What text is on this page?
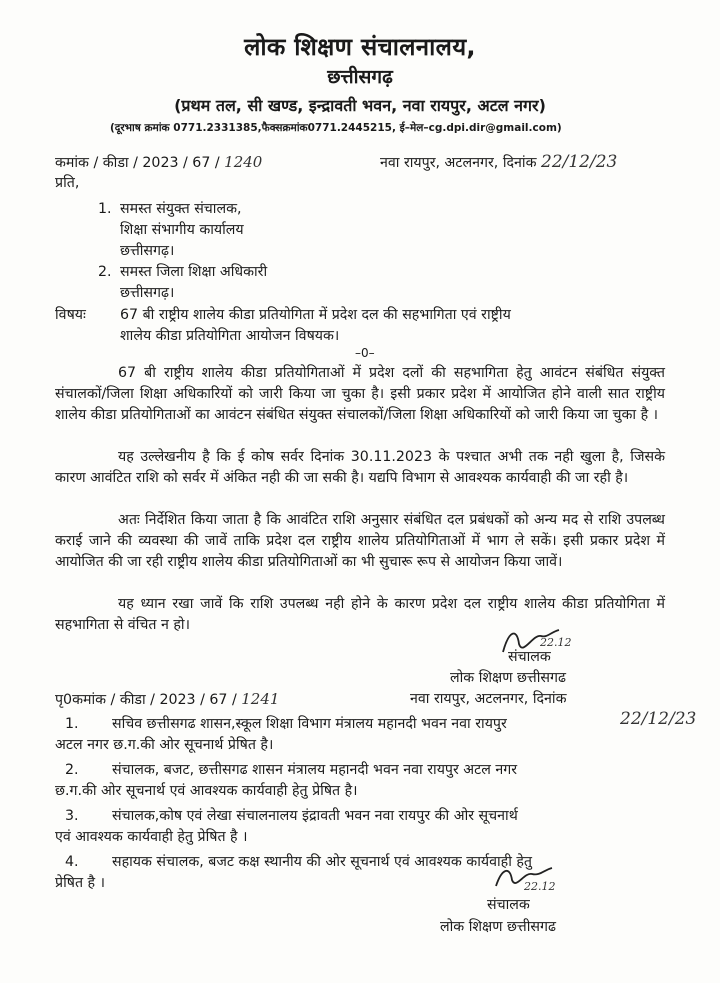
लोक शिक्षण संचालनालय,
छत्तीसगढ़
(प्रथम तल, सी खण्ड, इन्द्रावती भवन, नवा रायपुर, अटल नगर)
(दूरभाष क्रमांक 0771.2331385,फैक्सक्रमांक0771.2445215, ई–मेल–cg.dpi.dir@gmail.com)
कमांक / कीडा / 2023 / 67 / 1240	नवा रायपुर, अटलनगर, दिनांक 22/12/23
प्रति,
1. समस्त संयुक्त संचालक,
शिक्षा संभागीय कार्यालय
छत्तीसगढ़।
2. समस्त जिला शिक्षा अधिकारी
छत्तीसगढ़।
विषयः 67 बी राष्ट्रीय शालेय कीडा प्रतियोगिता में प्रदेश दल की सहभागिता एवं राष्ट्रीय
शालेय कीडा प्रतियोगिता आयोजन विषयक।
–0–
67 बी राष्ट्रीय शालेय कीडा प्रतियोगिताओं में प्रदेश दलों की सहभागिता हेतु आवंटन संबंधित संयुक्त संचालकों/जिला शिक्षा अधिकारियों को जारी किया जा चुका है। इसी प्रकार प्रदेश में आयोजित होने वाली सात राष्ट्रीय शालेय कीडा प्रतियोगिताओं का आवंटन संबंधित संयुक्त संचालकों/जिला शिक्षा अधिकारियों को जारी किया जा चुका है ।
यह उल्लेखनीय है कि ई कोष सर्वर दिनांक 30.11.2023 के पश्चात अभी तक नही खुला है, जिसके कारण आवंटित राशि को सर्वर में अंकित नही की जा सकी है। यद्यपि विभाग से आवश्यक कार्यवाही की जा रही है।
अतः निर्देशित किया जाता है कि आवंटित राशि अनुसार संबंधित दल प्रबंधकों को अन्य मद से राशि उपलब्ध कराई जाने की व्यवस्था की जावें ताकि प्रदेश दल राष्ट्रीय शालेय प्रतियोगिताओं में भाग ले सकें। इसी प्रकार प्रदेश में आयोजित की जा रही राष्ट्रीय शालेय कीडा प्रतियोगिताओं का भी सुचारू रूप से आयोजन किया जावें।
यह ध्यान रखा जावें कि राशि उपलब्ध नही होने के कारण प्रदेश दल राष्ट्रीय शालेय कीडा प्रतियोगिता में सहभागिता से वंचित न हो।
22.12
संचालक
लोक शिक्षण छत्तीसगढ
पृ0कमांक / कीडा / 2023 / 67 / 1241	नवा रायपुर, अटलनगर, दिनांक
1. सचिव छत्तीसगढ शासन,स्कूल शिक्षा विभाग मंत्रालय महानदी भवन नवा रायपुर	22/12/23
अटल नगर छ.ग.की ओर सूचनार्थ प्रेषित है।
2. संचालक, बजट, छत्तीसगढ शासन मंत्रालय महानदी भवन नवा रायपुर अटल नगर
छ.ग.की ओर सूचनार्थ एवं आवश्यक कार्यवाही हेतु प्रेषित है।
3. संचालक,कोष एवं लेखा संचालनालय इंद्रावती भवन नवा रायपुर की ओर सूचनार्थ
एवं आवश्यक कार्यवाही हेतु प्रेषित है ।
4. सहायक संचालक, बजट कक्ष स्थानीय की ओर सूचनार्थ एवं आवश्यक कार्यवाही हेतु
प्रेषित है ।	22.12
संचालक
लोक शिक्षण छत्तीसगढ
